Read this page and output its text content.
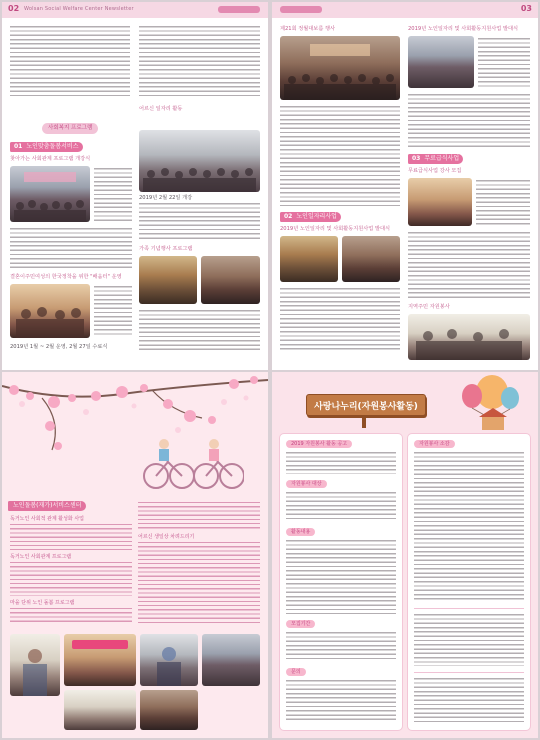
02 Wolsan Social Welfare Center Newsletter
사회복지 프로그램
01 노인맞춤돌봄서비스
찾아가는 사회관계 프로그램 개강식
결혼이주민여성의 한국정착을 위한 "배움터" 운영
2019년 1월 ~ 2월 운영, 2월 27일 수료식
어르신 일자리 활동
2019년 2월 22일 개강
가족 기념행사 프로그램
03
제21회 정월대보름 행사
02 노인일자리사업
2019년 노인일자리 및 사회활동지원사업 발대식
2019년 노인일자리 및 사회활동지원사업 발대식
03 무료급식사업
무료급식사업 강사 모집
지역주민 자원봉사
노인돌봄(재가)서비스센터
독거노인 사회적 관계 활성화 사업
독거노인 사회관계 프로그램
마을 단위 노인 돌봄 프로그램
어르신 생일상 차려드리기
사랑나누리(자원봉사활동)
2019 자원봉사 활동 공고
자원봉사 대상
활동내용
모집기간
문의
자원봉사 소감
